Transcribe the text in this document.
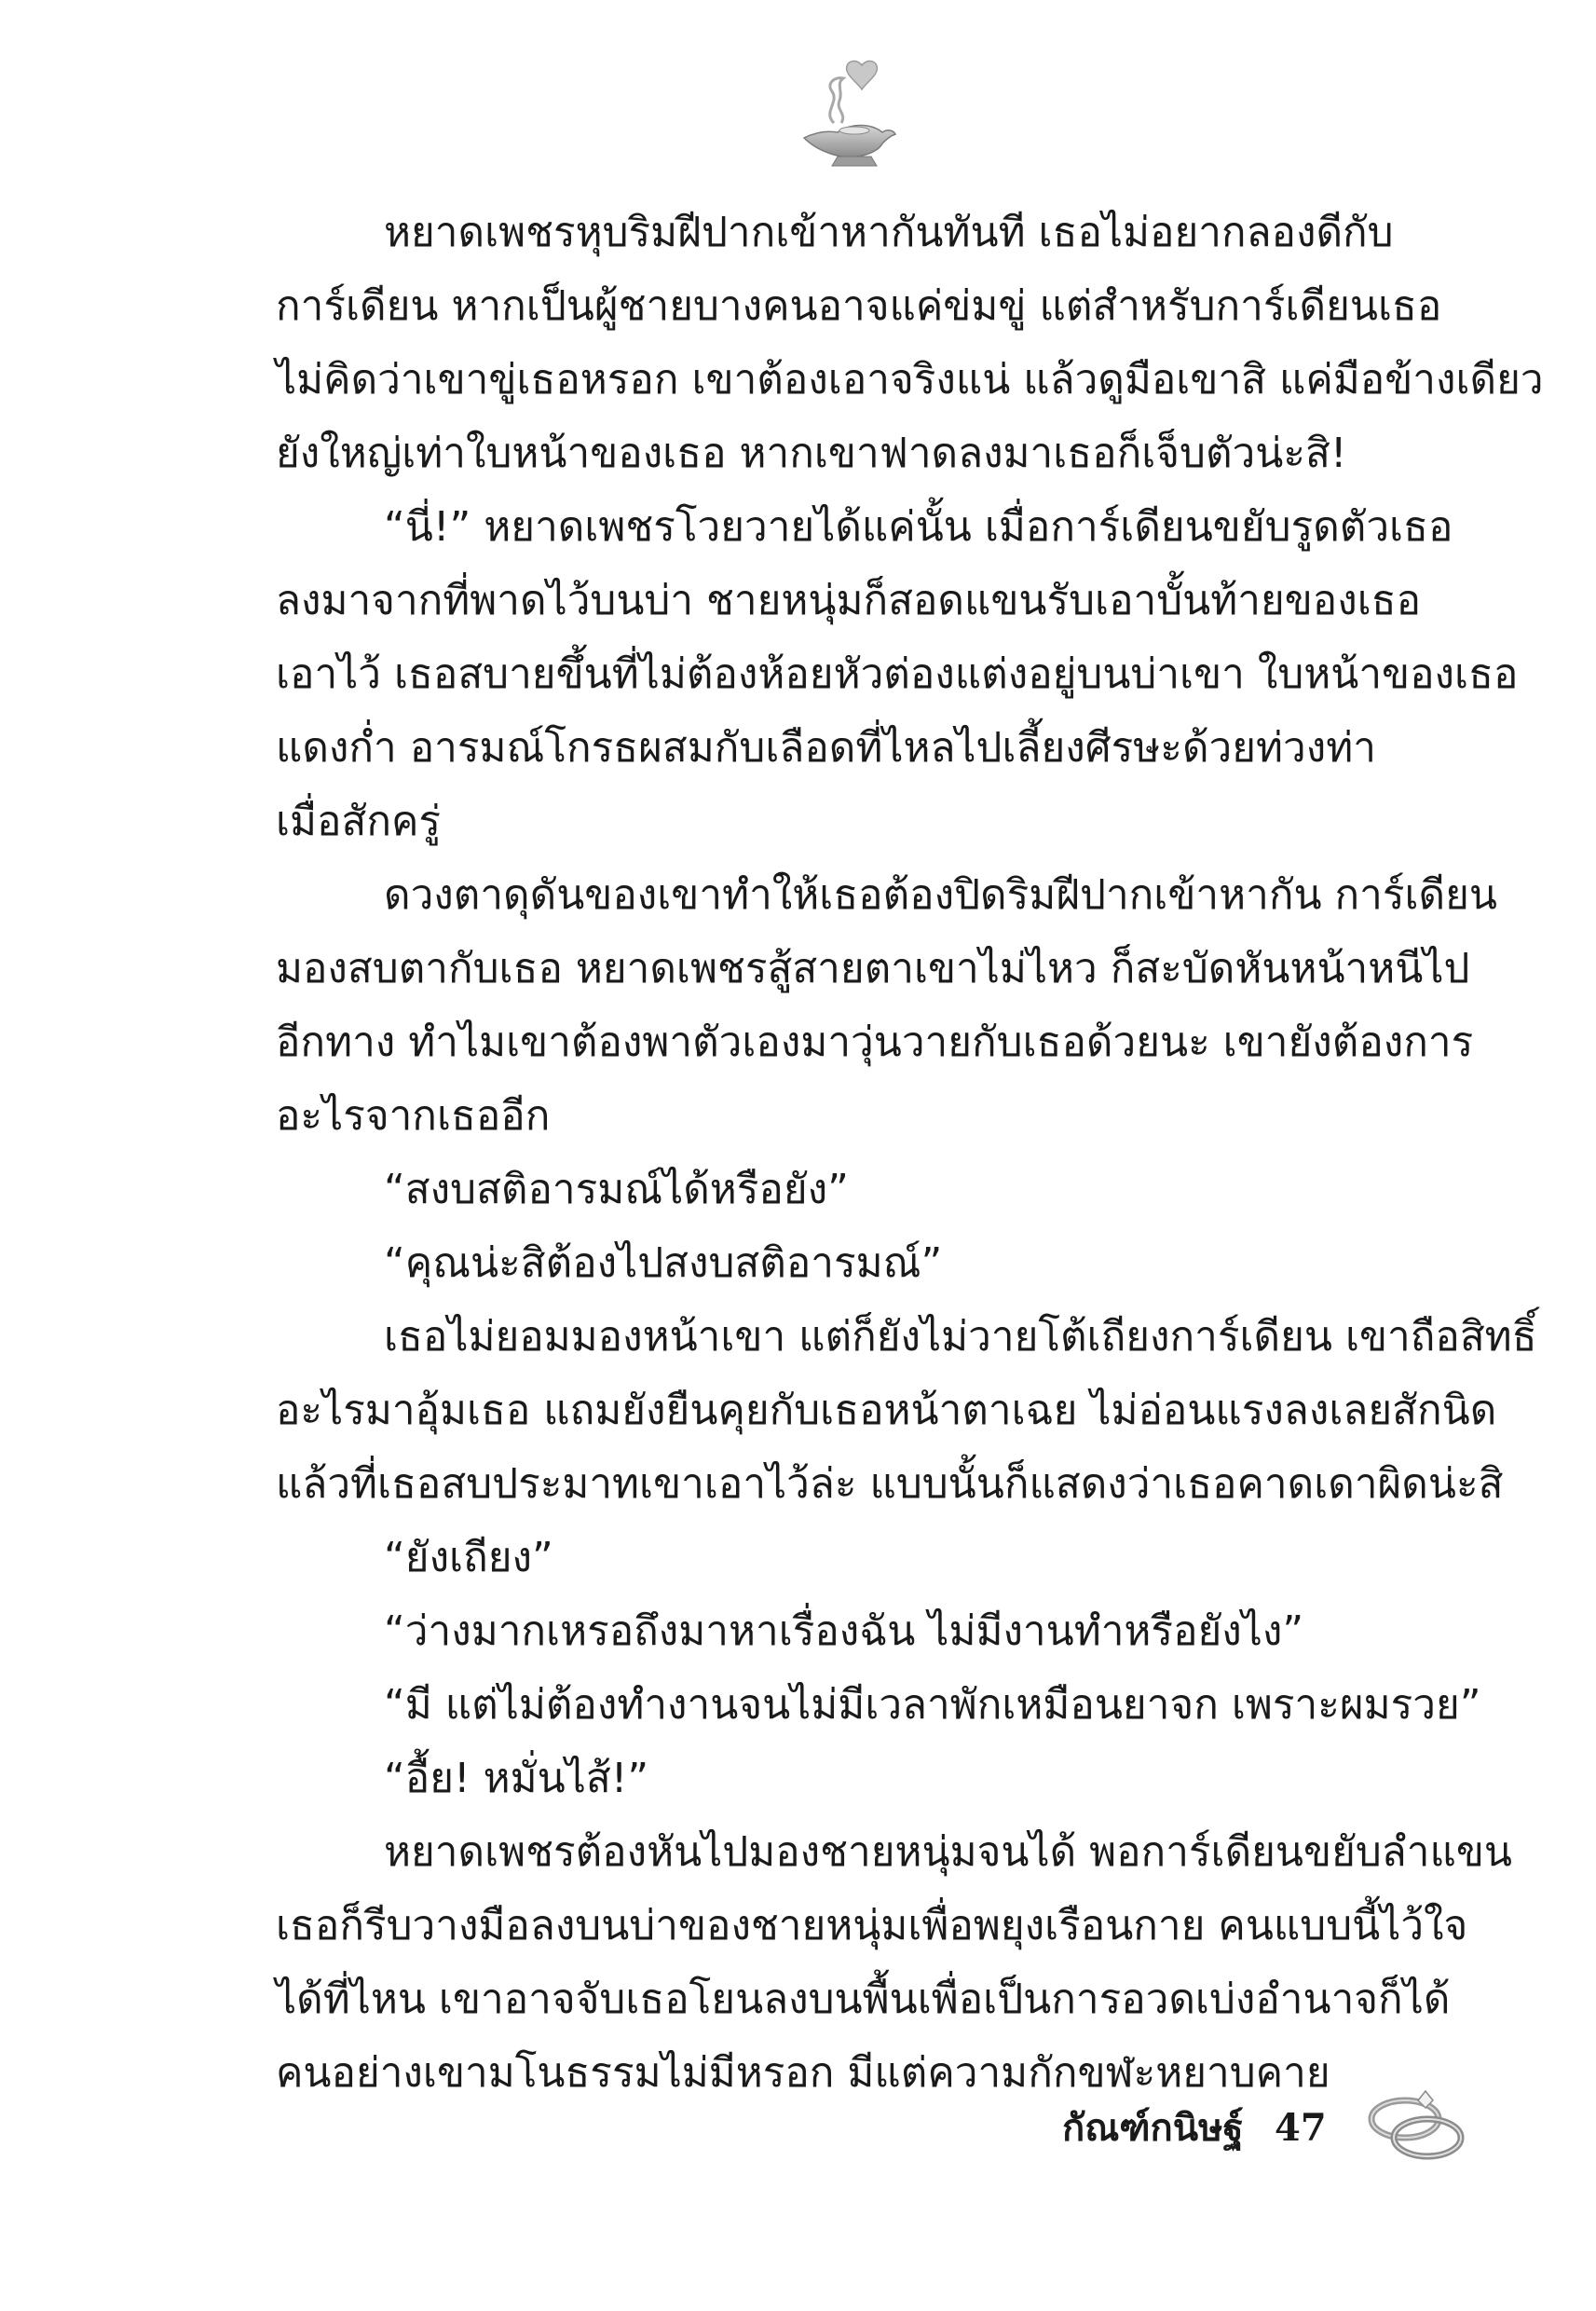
หยาดเพชรหุบริมฝีปากเข้าหากันทันที เธอไม่อยากลองดีกับ
การ์เดียน หากเป็นผู้ชายบางคนอาจแค่ข่มขู่ แต่สำหรับการ์เดียนเธอ
ไม่คิดว่าเขาขู่เธอหรอก เขาต้องเอาจริงแน่ แล้วดูมือเขาสิ แค่มือข้างเดียว
ยังใหญ่เท่าใบหน้าของเธอ หากเขาฟาดลงมาเธอก็เจ็บตัวน่ะสิ!
“นี่!” หยาดเพชรโวยวายได้แค่นั้น เมื่อการ์เดียนขยับรูดตัวเธอ
ลงมาจากที่พาดไว้บนบ่า ชายหนุ่มก็สอดแขนรับเอาบั้นท้ายของเธอ
เอาไว้ เธอสบายขึ้นที่ไม่ต้องห้อยหัวต่องแต่งอยู่บนบ่าเขา ใบหน้าของเธอ
แดงก่ำ อารมณ์โกรธผสมกับเลือดที่ไหลไปเลี้ยงศีรษะด้วยท่วงท่า
เมื่อสักครู่
ดวงตาดุดันของเขาทำให้เธอต้องปิดริมฝีปากเข้าหากัน การ์เดียน
มองสบตากับเธอ หยาดเพชรสู้สายตาเขาไม่ไหว ก็สะบัดหันหน้าหนีไป
อีกทาง ทำไมเขาต้องพาตัวเองมาวุ่นวายกับเธอด้วยนะ เขายังต้องการ
อะไรจากเธออีก
“สงบสติอารมณ์ได้หรือยัง”
“คุณน่ะสิต้องไปสงบสติอารมณ์”
เธอไม่ยอมมองหน้าเขา แต่ก็ยังไม่วายโต้เถียงการ์เดียน เขาถือสิทธิ์
อะไรมาอุ้มเธอ แถมยังยืนคุยกับเธอหน้าตาเฉย ไม่อ่อนแรงลงเลยสักนิด
แล้วที่เธอสบประมาทเขาเอาไว้ล่ะ แบบนั้นก็แสดงว่าเธอคาดเดาผิดน่ะสิ
“ยังเถียง”
“ว่างมากเหรอถึงมาหาเรื่องฉัน ไม่มีงานทำหรือยังไง”
“มี แต่ไม่ต้องทำงานจนไม่มีเวลาพักเหมือนยาจก เพราะผมรวย”
“อื้ย! หมั่นไส้!”
หยาดเพชรต้องหันไปมองชายหนุ่มจนได้ พอการ์เดียนขยับลำแขน
เธอก็รีบวางมือลงบนบ่าของชายหนุ่มเพื่อพยุงเรือนกาย คนแบบนี้ไว้ใจ
ได้ที่ไหน เขาอาจจับเธอโยนลงบนพื้นเพื่อเป็นการอวดเบ่งอำนาจก็ได้
คนอย่างเขามโนธรรมไม่มีหรอก มีแต่ความกักขฬะหยาบคาย
กัณฑ์กนิษฐ์ 47
